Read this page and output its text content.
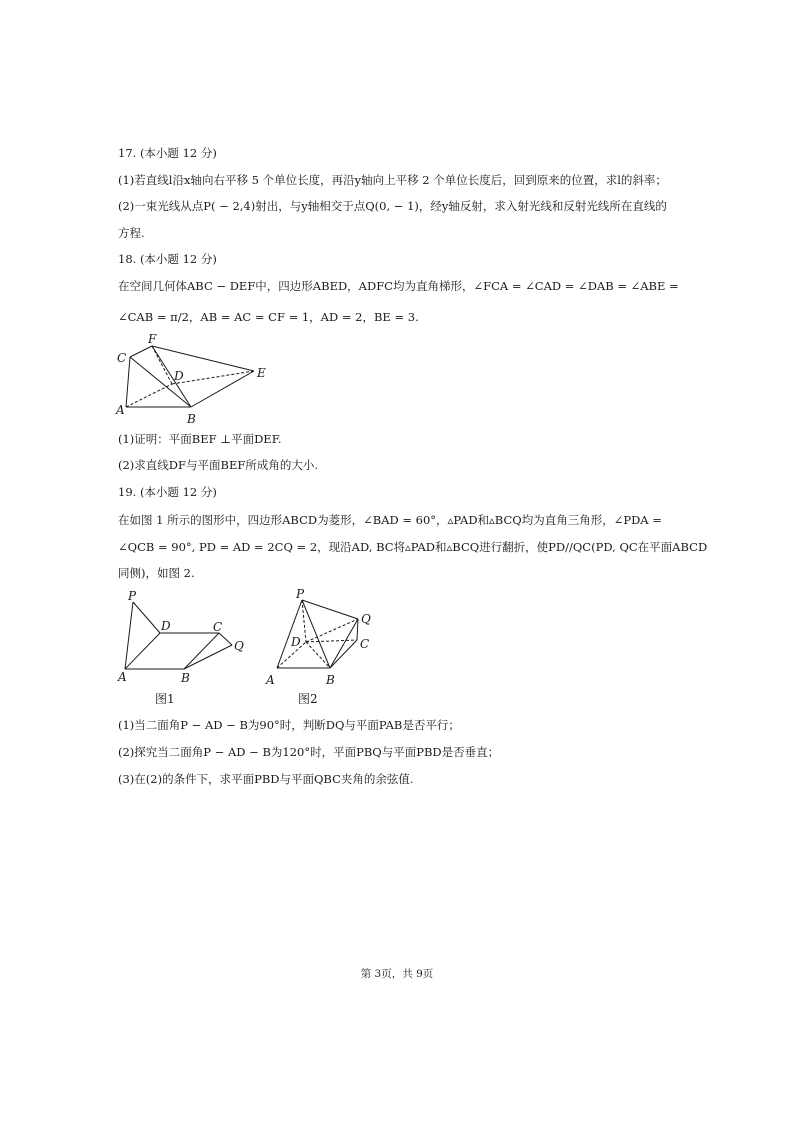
17. (本小题 12 分)
(1)若直线l沿x轴向右平移 5 个单位长度，再沿y轴向上平移 2 个单位长度后，回到原来的位置，求l的斜率；
(2)一束光线从点P( − 2,4)射出，与y轴相交于点Q(0, − 1)，经y轴反射，求入射光线和反射光线所在直线的
方程.
18. (本小题 12 分)
在空间几何体ABC − DEF中，四边形ABED，ADFC均为直角梯形，∠FCA = ∠CAD = ∠DAB = ∠ABE =
∠CAB = π/2，AB = AC = CF = 1，AD = 2，BE = 3.
F
C
D	E
A
B
(1)证明：平面BEF ⊥平面DEF.
(2)求直线DF与平面BEF所成角的大小.
19. (本小题 12 分)
在如图 1 所示的图形中，四边形ABCD为菱形，∠BAD = 60°，▵PAD和▵BCQ均为直角三角形，∠PDA =
∠QCB = 90°, PD = AD = 2CQ = 2，现沿AD, BC将▵PAD和▵BCQ进行翻折，使PD//QC(PD, QC在平面ABCD
同侧)，如图 2.
P
D	C
Q
A	B
图1
P
Q
D	C
A	B
图2
(1)当二面角P − AD − B为90°时，判断DQ与平面PAB是否平行；
(2)探究当二面角P − AD − B为120°时，平面PBQ与平面PBD是否垂直；
(3)在(2)的条件下，求平面PBD与平面QBC夹角的余弦值.
第 3页，共 9页
